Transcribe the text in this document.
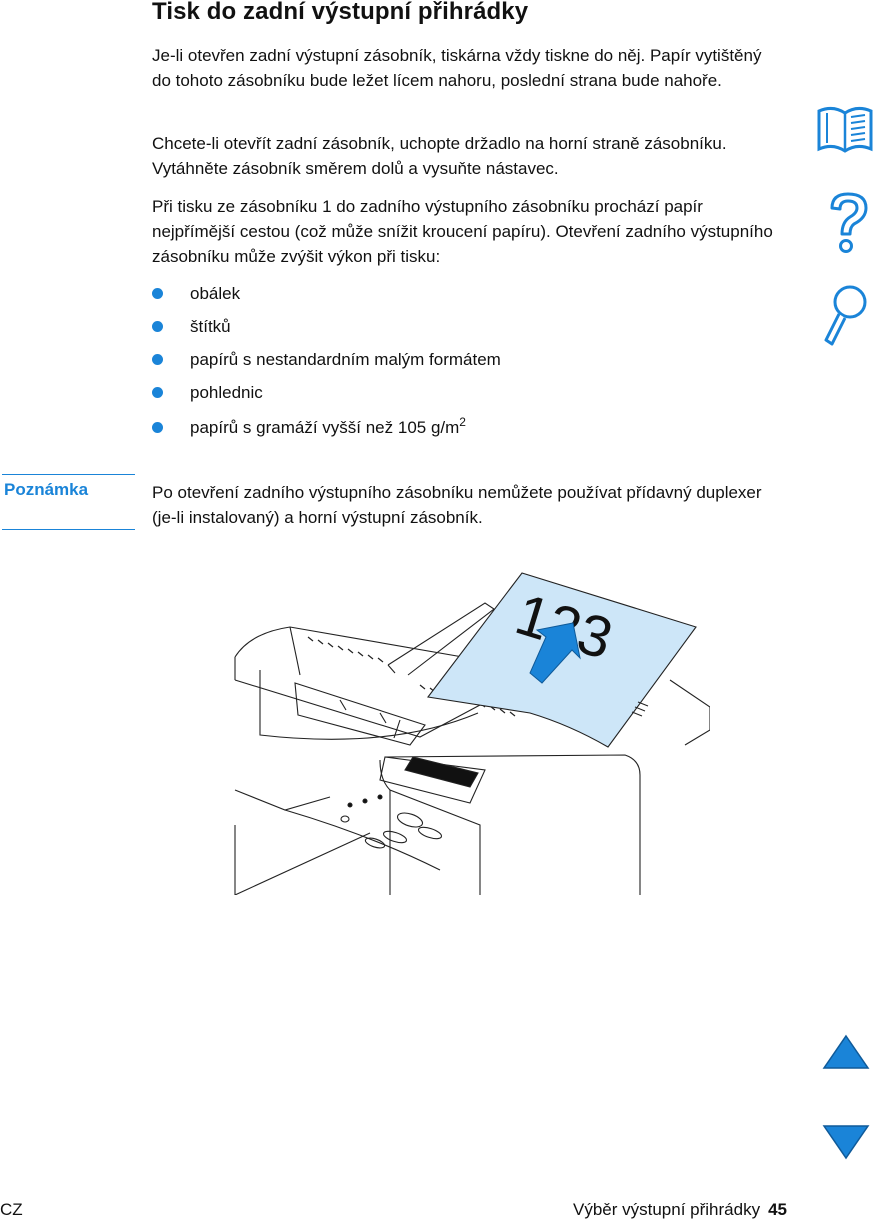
Tisk do zadní výstupní přihrádky

Je-li otevřen zadní výstupní zásobník, tiskárna vždy tiskne do něj. Papír vytištěný do tohoto zásobníku bude ležet lícem nahoru, poslední strana bude nahoře.

Chcete-li otevřít zadní zásobník, uchopte držadlo na horní straně zásobníku. Vytáhněte zásobník směrem dolů a vysuňte nástavec.

Při tisku ze zásobníku 1 do zadního výstupního zásobníku prochází papír nejpřímější cestou (což může snížit kroucení papíru). Otevření zadního výstupního zásobníku může zvýšit výkon při tisku:

obálek
štítků
papírů s nestandardním malým formátem
pohlednic
papírů s gramáží vyšší než 105 $g/m^2$

Poznámka	Po otevření zadního výstupního zásobníku nemůžete používat přídavný duplexer (je-li instalovaný) a horní výstupní zásobník.

CZ	Výběr výstupní přihrádky 45
